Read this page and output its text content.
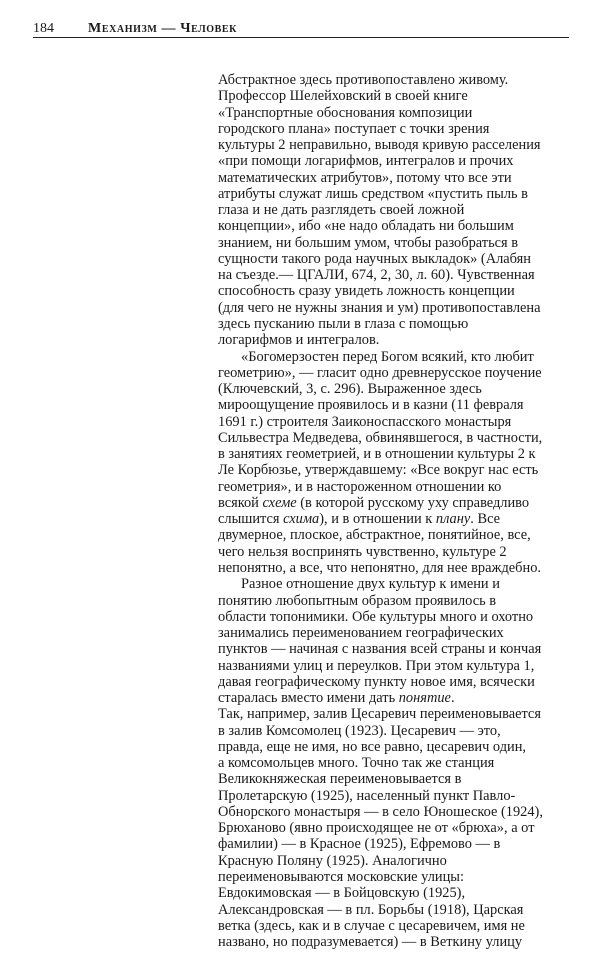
184 Механизм — Человек
Абстрактное здесь противопоставлено живому.
Профессор Шелейховский в своей книге
«Транспортные обоснования композиции
городского плана» поступает с точки зрения
культуры 2 неправильно, выводя кривую расселения
«при помощи логарифмов, интегралов и прочих
математических атрибутов», потому что все эти
атрибуты служат лишь средством «пустить пыль в
глаза и не дать разглядеть своей ложной
концепции», ибо «не надо обладать ни большим
знанием, ни большим умом, чтобы разобраться в
сущности такого рода научных выкладок» (Алабян
на съезде.— ЦГАЛИ, 674, 2, 30, л. 60). Чувственная
способность сразу увидеть ложность концепции
(для чего не нужны знания и ум) противопоставлена
здесь пусканию пыли в глаза с помощью
логарифмов и интегралов.
«Богомерзостен перед Богом всякий, кто любит
геометрию», — гласит одно древнерусское поучение
(Ключевский, 3, с. 296). Выраженное здесь
мироощущение проявилось и в казни (11 февраля
1691 г.) строителя Заиконоспасского монастыря
Сильвестра Медведева, обвинявшегося, в частности,
в занятиях геометрией, и в отношении культуры 2 к
Ле Корбюзье, утверждавшему: «Все вокруг нас есть
геометрия», и в настороженном отношении ко
всякой схеме (в которой русскому уху справедливо
слышится схима), и в отношении к плану. Все
двумерное, плоское, абстрактное, понятийное, все,
чего нельзя воспринять чувственно, культуре 2
непонятно, а все, что непонятно, для нее враждебно.
Разное отношение двух культур к имени и
понятию любопытным образом проявилось в
области топонимики. Обе культуры много и охотно
занимались переименованием географических
пунктов — начиная с названия всей страны и кончая
названиями улиц и переулков. При этом культура 1,
давая географическому пункту новое имя, всячески
старалась вместо имени дать понятие.
Так, например, залив Цесаревич переименовывается
в залив Комсомолец (1923). Цесаревич — это,
правда, еще не имя, но все равно, цесаревич один,
а комсомольцев много. Точно так же станция
Великокняжеская переименовывается в
Пролетарскую (1925), населенный пункт Павло-
Обнорского монастыря — в село Юношеское (1924),
Брюханово (явно происходящее не от «брюха», а от
фамилии) — в Красное (1925), Ефремово — в
Красную Поляну (1925). Аналогично
переименовываются московские улицы:
Евдокимовская — в Бойцовскую (1925),
Александровская — в пл. Борьбы (1918), Царская
ветка (здесь, как и в случае с цесаревичем, имя не
названо, но подразумевается) — в Веткину улицу
